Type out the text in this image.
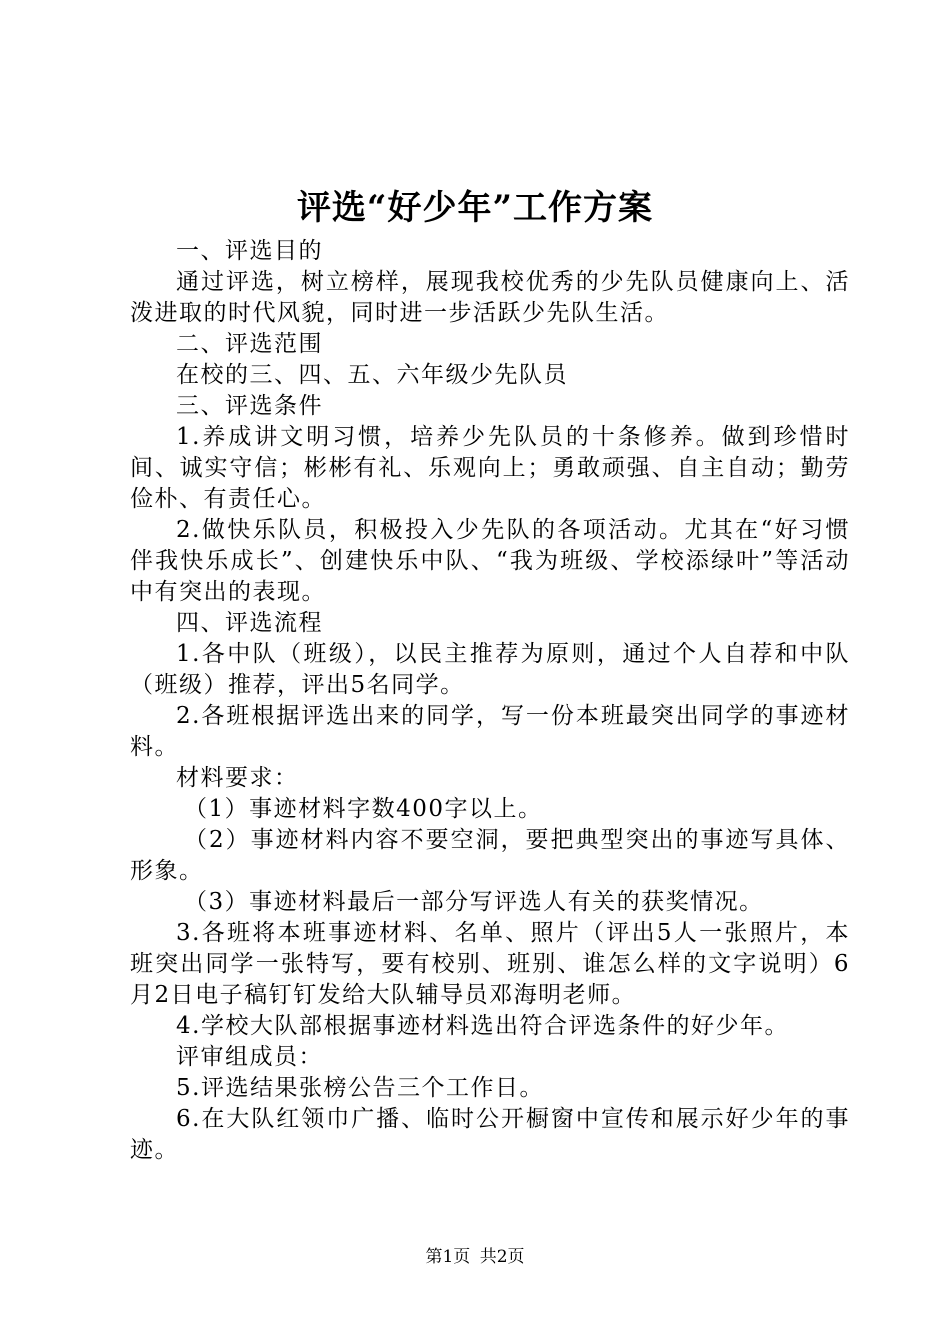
评选“好少年”工作方案

一、评选目的

通过评选，树立榜样，展现我校优秀的少先队员健康向上、活泼进取的时代风貌，同时进一步活跃少先队生活。

二、评选范围

在校的三、四、五、六年级少先队员

三、评选条件

1.养成讲文明习惯，培养少先队员的十条修养。做到珍惜时间、诚实守信；彬彬有礼、乐观向上；勇敢顽强、自主自动；勤劳俭朴、有责任心。

2.做快乐队员，积极投入少先队的各项活动。尤其在“好习惯伴我快乐成长”、创建快乐中队、“我为班级、学校添绿叶”等活动中有突出的表现。

四、评选流程

1.各中队（班级），以民主推荐为原则，通过个人自荐和中队（班级）推荐，评出5名同学。

2.各班根据评选出来的同学，写一份本班最突出同学的事迹材料。

材料要求：

（1）事迹材料字数400字以上。

（2）事迹材料内容不要空洞，要把典型突出的事迹写具体、形象。

（3）事迹材料最后一部分写评选人有关的获奖情况。

3.各班将本班事迹材料、名单、照片（评出5人一张照片，本班突出同学一张特写，要有校别、班别、谁怎么样的文字说明）6月2日电子稿钉钉发给大队辅导员邓海明老师。

4.学校大队部根据事迹材料选出符合评选条件的好少年。

评审组成员：

5.评选结果张榜公告三个工作日。

6.在大队红领巾广播、临时公开橱窗中宣传和展示好少年的事迹。

第1页 共2页
